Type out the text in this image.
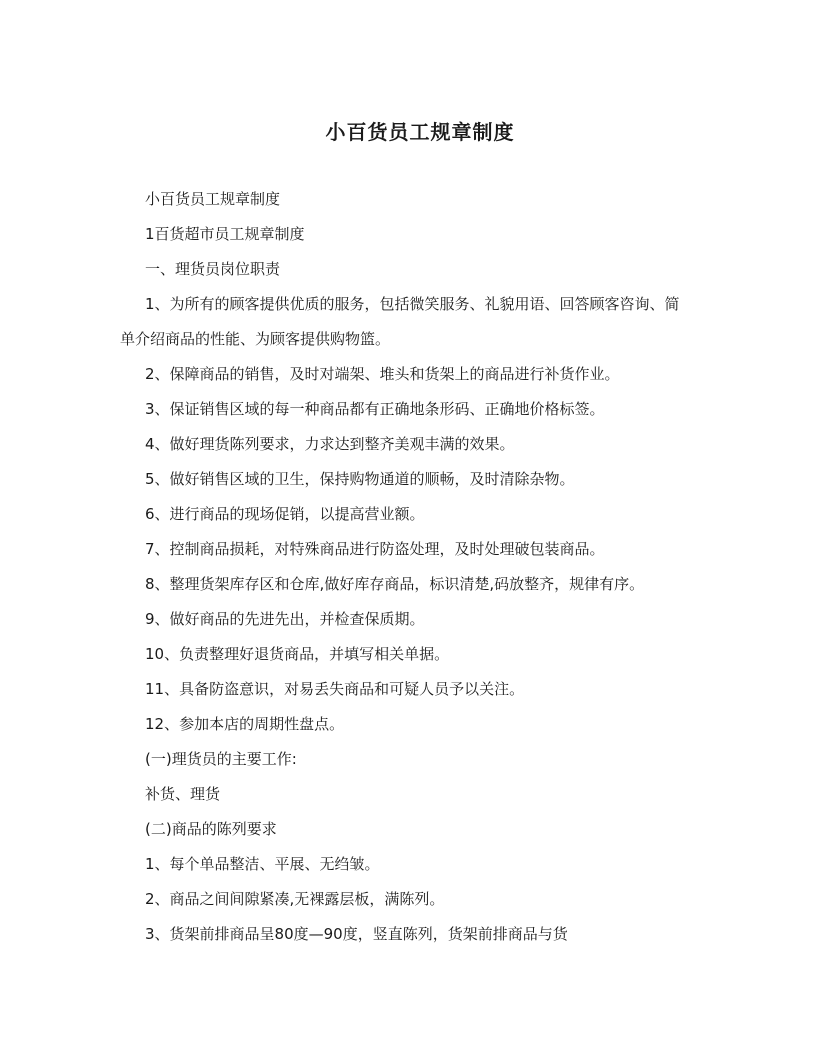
小百货员工规章制度

小百货员工规章制度

1百货超市员工规章制度

一、理货员岗位职责

1、为所有的顾客提供优质的服务，包括微笑服务、礼貌用语、回答顾客咨询、简单介绍商品的性能、为顾客提供购物篮。

2、保障商品的销售，及时对端架、堆头和货架上的商品进行补货作业。

3、保证销售区域的每一种商品都有正确地条形码、正确地价格标签。

4、做好理货陈列要求，力求达到整齐美观丰满的效果。

5、做好销售区域的卫生，保持购物通道的顺畅，及时清除杂物。

6、进行商品的现场促销，以提高营业额。

7、控制商品损耗，对特殊商品进行防盗处理，及时处理破包装商品。

8、整理货架库存区和仓库,做好库存商品，标识清楚,码放整齐，规律有序。

9、做好商品的先进先出，并检查保质期。

10、负责整理好退货商品，并填写相关单据。

11、具备防盗意识，对易丢失商品和可疑人员予以关注。

12、参加本店的周期性盘点。

(一)理货员的主要工作:

补货、理货

(二)商品的陈列要求

1、每个单品整洁、平展、无绉皱。

2、商品之间间隙紧凑,无裸露层板，满陈列。

3、货架前排商品呈80度—90度，竖直陈列，货架前排商品与货
